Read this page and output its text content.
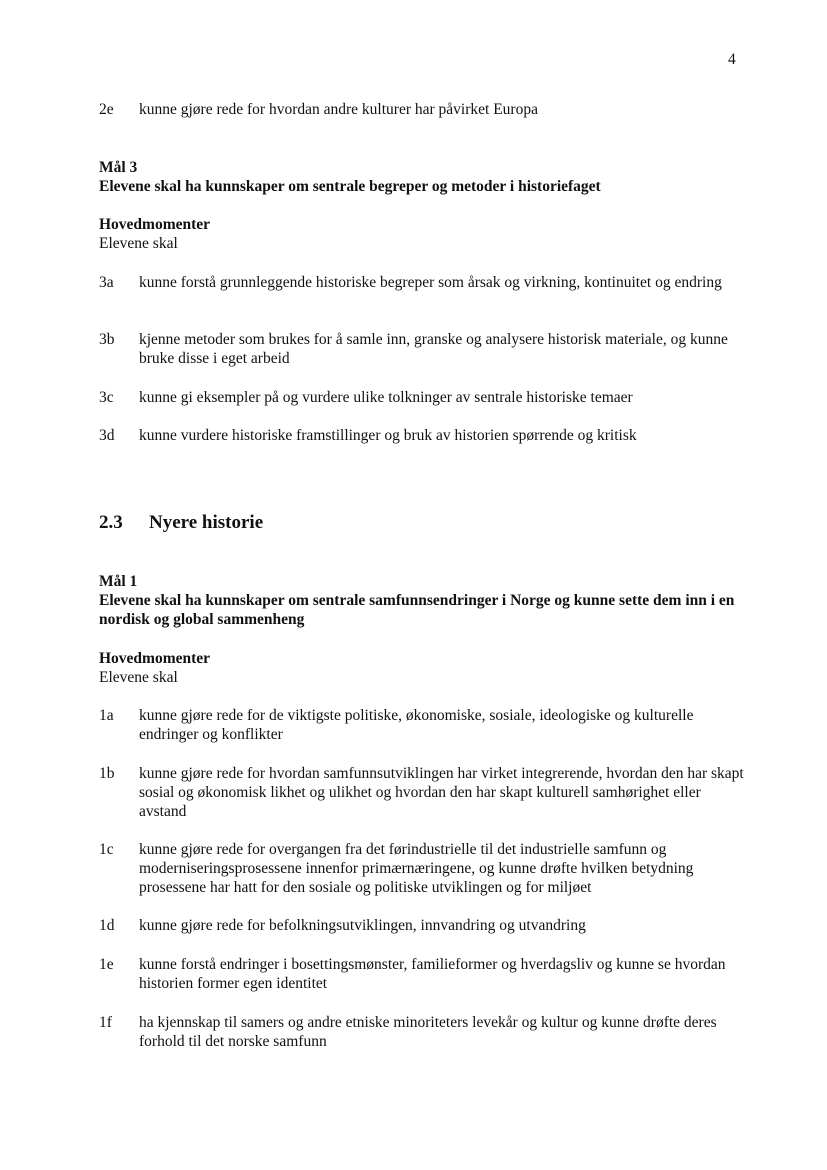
4
2e	kunne gjøre rede for hvordan andre kulturer har påvirket Europa
Mål 3
Elevene skal ha kunnskaper om sentrale begreper og metoder i historiefaget
Hovedmomenter
Elevene skal
3a	kunne forstå grunnleggende historiske begreper som årsak og virkning, kontinuitet og endring
3b	kjenne metoder som brukes for å samle inn, granske og analysere historisk materiale, og kunne bruke disse i eget arbeid
3c	kunne gi eksempler på og vurdere ulike tolkninger av sentrale historiske temaer
3d	kunne vurdere historiske framstillinger og bruk av historien spørrende og kritisk
2.3	Nyere historie
Mål 1
Elevene skal ha kunnskaper om sentrale samfunnsendringer i Norge og kunne sette dem inn i en nordisk og global sammenheng
Hovedmomenter
Elevene skal
1a	kunne gjøre rede for de viktigste politiske, økonomiske, sosiale, ideologiske og kulturelle endringer og konflikter
1b	kunne gjøre rede for hvordan samfunnsutviklingen har virket integrerende, hvordan den har skapt sosial og økonomisk likhet og ulikhet og hvordan den har skapt kulturell samhørighet eller avstand
1c	kunne gjøre rede for overgangen fra det førindustrielle til det industrielle samfunn og moderniseringsprosessene innenfor primærnæringene, og kunne drøfte hvilken betydning prosessene har hatt for den sosiale og politiske utviklingen og for miljøet
1d	kunne gjøre rede for befolkningsutviklingen, innvandring og utvandring
1e	kunne forstå endringer i bosettingsmønster, familieformer og hverdagsliv og kunne se hvordan historien former egen identitet
1f	ha kjennskap til samers og andre etniske minoriteters levekår og kultur og kunne drøfte deres forhold til det norske samfunn
